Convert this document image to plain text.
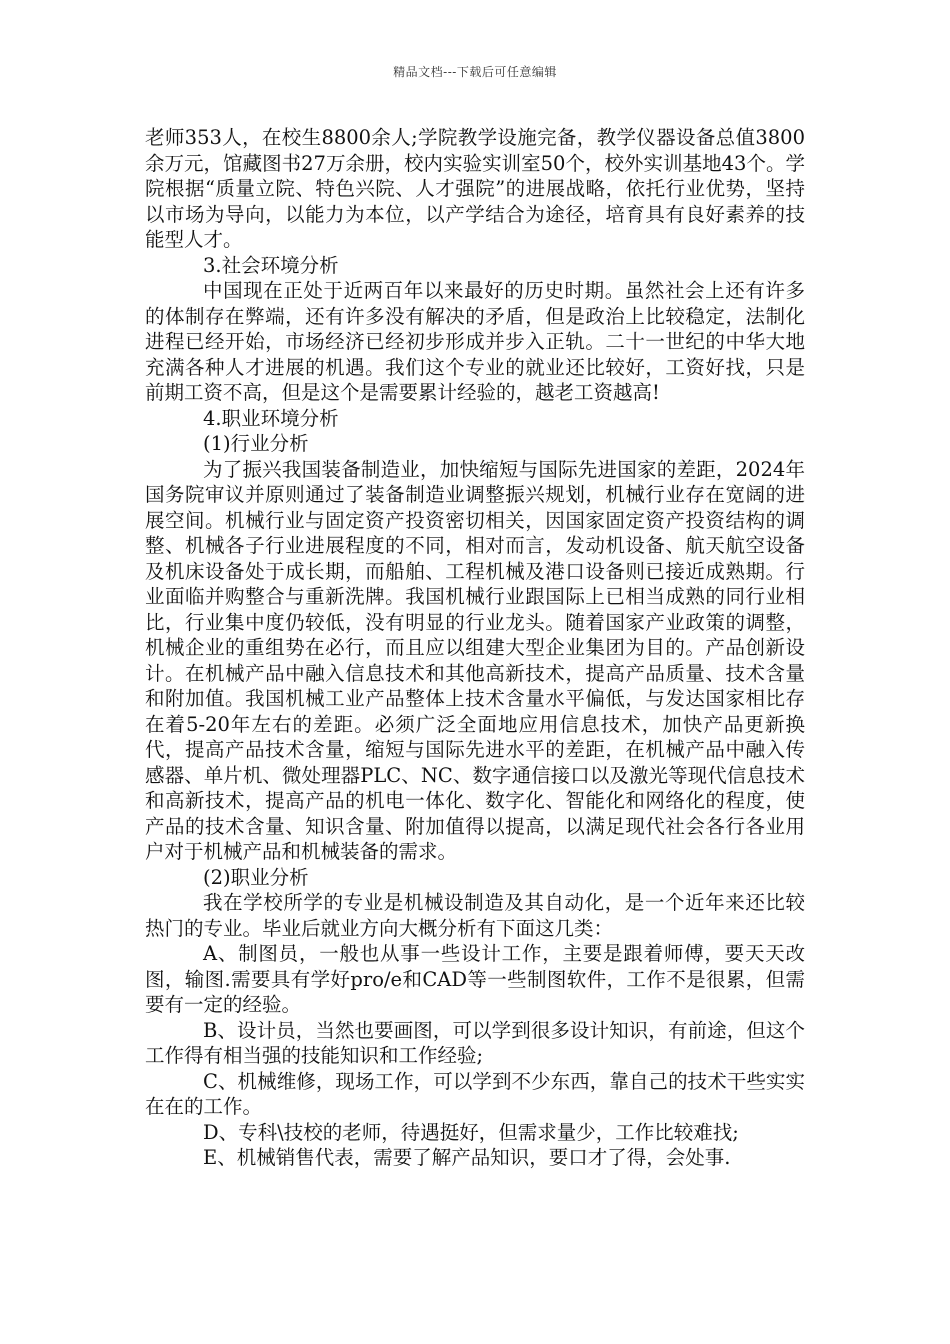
精品文档---下载后可任意编辑

老师353人，在校生8800余人;学院教学设施完备，教学仪器设备总值3800余万元，馆藏图书27万余册，校内实验实训室50个，校外实训基地43个。学院根据“质量立院、特色兴院、人才强院”的进展战略，依托行业优势，坚持以市场为导向，以能力为本位，以产学结合为途径，培育具有良好素养的技能型人才。

3.社会环境分析

中国现在正处于近两百年以来最好的历史时期。虽然社会上还有许多的体制存在弊端，还有许多没有解决的矛盾，但是政治上比较稳定，法制化进程已经开始，市场经济已经初步形成并步入正轨。二十一世纪的中华大地充满各种人才进展的机遇。我们这个专业的就业还比较好，工资好找，只是前期工资不高，但是这个是需要累计经验的，越老工资越高!

4.职业环境分析

(1)行业分析

为了振兴我国装备制造业，加快缩短与国际先进国家的差距，2024年国务院审议并原则通过了装备制造业调整振兴规划，机械行业存在宽阔的进展空间。机械行业与固定资产投资密切相关，因国家固定资产投资结构的调整、机械各子行业进展程度的不同，相对而言，发动机设备、航天航空设备及机床设备处于成长期，而船舶、工程机械及港口设备则已接近成熟期。行业面临并购整合与重新洗牌。我国机械行业跟国际上已相当成熟的同行业相比，行业集中度仍较低，没有明显的行业龙头。随着国家产业政策的调整，机械企业的重组势在必行，而且应以组建大型企业集团为目的。产品创新设计。在机械产品中融入信息技术和其他高新技术，提高产品质量、技术含量和附加值。我国机械工业产品整体上技术含量水平偏低，与发达国家相比存在着5-20年左右的差距。必须广泛全面地应用信息技术，加快产品更新换代，提高产品技术含量，缩短与国际先进水平的差距，在机械产品中融入传感器、单片机、微处理器PLC、NC、数字通信接口以及激光等现代信息技术和高新技术，提高产品的机电一体化、数字化、智能化和网络化的程度，使产品的技术含量、知识含量、附加值得以提高，以满足现代社会各行各业用户对于机械产品和机械装备的需求。

(2)职业分析

我在学校所学的专业是机械设制造及其自动化，是一个近年来还比较热门的专业。毕业后就业方向大概分析有下面这几类：

A、制图员，一般也从事一些设计工作，主要是跟着师傅，要天天改图，输图.需要具有学好pro/e和CAD等一些制图软件，工作不是很累，但需要有一定的经验。

B、设计员，当然也要画图，可以学到很多设计知识，有前途，但这个工作得有相当强的技能知识和工作经验;

C、机械维修，现场工作，可以学到不少东西，靠自己的技术干些实实在在的工作。

D、专科\技校的老师，待遇挺好，但需求量少，工作比较难找;

E、机械销售代表，需要了解产品知识，要口才了得，会处事.
